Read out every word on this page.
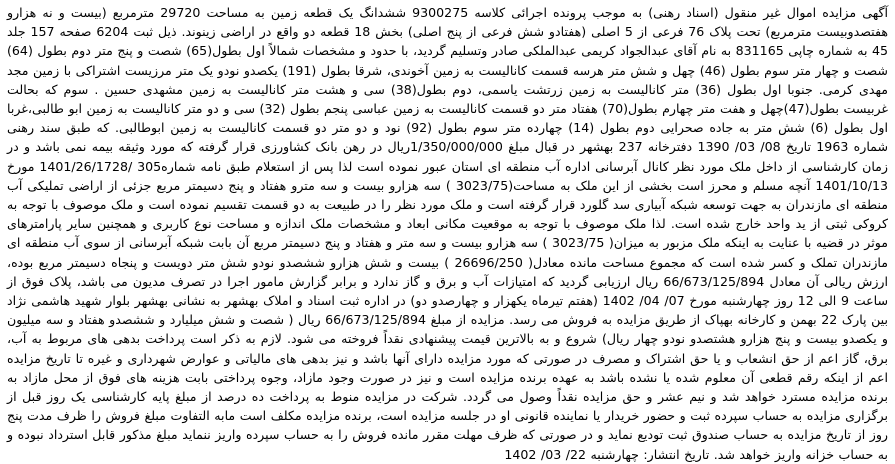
آگهی مزایده اموال غیر منقول (اسناد رهنی) به موجب پرونده اجرائی کلاسه 9300275 ششدانگ یک قطعه زمین به مساحت 29720 مترمربع (بیست و نه هزارو هفتصدوبیست مترمربع) تحت پلاک 76 فرعی از 5 اصلی (هفتادو شش فرعی از پنج اصلی) بخش 18 قطعه دو واقع در اراضی زینوند. ذیل ثبت 6204 صفحه 157 جلد 45 به شماره چاپی 831165 به نام آقای عبدالجواد کریمی عبدالملکی صادر وتسلیم گردید، با حدود و مشخصات شمالاً اول بطول(65) شصت و پنج متر دوم بطول (64) شصت و چهار متر سوم بطول (46) چهل و شش متر هرسه قسمت کانالیست به زمین آخوندی، شرقا بطول (191) یکصدو نودو یک متر مرزیست اشتراکی با زمین مجد مهدی کرمی. جنوبا اول بطول (36) متر کانالیست به زمین زرتشت یاسمی، دوم بطول(38) سی و هشت متر کانالیست به زمین مشهدی حسین . سوم که بحالت غربیست بطول(47)چهل و هفت متر چهارم بطول(70) هفتاد متر دو قسمت کانالیست به زمین عباسی پنجم بطول (32) سی و دو متر کانالیست به زمین ابو طالبی،غربا اول بطول (6) شش متر به جاده صحرایی دوم بطول (14) چهارده متر سوم بطول (92) نود و دو متر دو قسمت کانالیست به زمین ابوطالبی. که طبق سند رهنی شماره 1963 تاریخ 08/ 03/ 1390 دفترخانه 237 بهشهر در قبال مبلغ 1/350/000/000ریال در رهن بانک کشاورزی قرار گرفته که مورد وثیقه بیمه نمی باشد و در زمان کارشناسی از داخل ملک مورد نظر کانال آبرسانی اداره آب منطقه ای استان عبور نموده است لذا پس از استعلام طبق نامه شماره305 /1401/26/1728 مورخ 1401/10/13 آنچه مسلم و محرز است بخشی از این ملک به مساحت(3023/75 ) سه هزارو بیست و سه مترو هفتاد و پنج دسیمتر مربع جزئی از اراضی تملیکی آب منطقه ای مازندران به جهت توسعه شبکه آبیاری سد گلورد قرار گرفته است و ملک مورد نظر را در طبیعت به دو قسمت تقسیم نموده است و ملک موصوف با توجه به کروکی ثبتی از ید واحد خارج شده است. لذا ملک موصوف با توجه به موقعیت مکانی ابعاد و مشخصات ملک اندازه و مساحت نوع کاربری و همچنین سایر پارامترهای موثر در قضیه با عنایت به اینکه ملک مزبور به میزان( 3023/75 ) سه هزارو بیست و سه متر و هفتاد و پنج دسیمتر مربع آن بابت شبکه آبرسانی از سوی آب منطقه ای مازندران تملک و کسر شده است که مجموع مساحت مانده معادل( 26696/250 ) بیست و شش هزارو ششصدو نودو شش متر دویست و پنجاه دسیمتر مربع بوده، ارزش ریالی آن معادل 66/673/125/894 ریال ارزیابی گردید که امتیازات آب و برق و گاز ندارد و برابر گزارش مامور اجرا در تصرف مدیون می باشد، پلاک فوق از ساعت 9 الی 12 روز چهارشنبه مورخ 07/ 04/ 1402 (هفتم تیرماه یکهزار و چهارصدو دو) در اداره ثبت اسناد و املاک بهشهر به نشانی بهشهر بلوار شهید هاشمی نژاد بین پارک 22 بهمن و کارخانه بهپاک از طریق مزایده به فروش می رسد. مزایده از مبلغ 66/673/125/894 ریال ( شصت و شش میلیارد و ششصدو هفتاد و سه میلیون و یکصدو بیست و پنج هزارو هشتصدو نودو چهار ریال) شروع و به بالاترین قیمت پیشنهادی نقداً فروخته می شود. لازم به ذکر است پرداخت بدهی های مربوط به آب، برق، گاز اعم از حق انشعاب و یا حق اشتراک و مصرف در صورتی که مورد مزایده دارای آنها باشد و نیز بدهی های مالیاتی و عوارض شهرداری و غیره تا تاریخ مزایده اعم از اینکه رقم قطعی آن معلوم شده یا نشده باشد به عهده برنده مزایده است و نیز در صورت وجود مازاد، وجوه پرداختی بابت هزینه های فوق از محل مازاد به برنده مزایده مسترد خواهد شد و نیم عشر و حق مزایده نقداً وصول می گردد. شرکت در مزایده منوط به پرداخت ده درصد از مبلغ پایه کارشناسی یک روز قبل از برگزاری مزایده به حساب سپرده ثبت و حضور خریدار یا نماینده قانونی او در جلسه مزایده است، برنده مزایده مکلف است مابه التفاوت مبلغ فروش را ظرف مدت پنج روز از تاریخ مزایده به حساب صندوق ثبت تودیع نماید و در صورتی که ظرف مهلت مقرر مانده فروش را به حساب سپرده واریز ننماید مبلغ مذکور قابل استرداد نبوده و به حساب خزانه واریز خواهد شد. تاریخ انتشار: چهارشنبه 22/ 03/ 1402
